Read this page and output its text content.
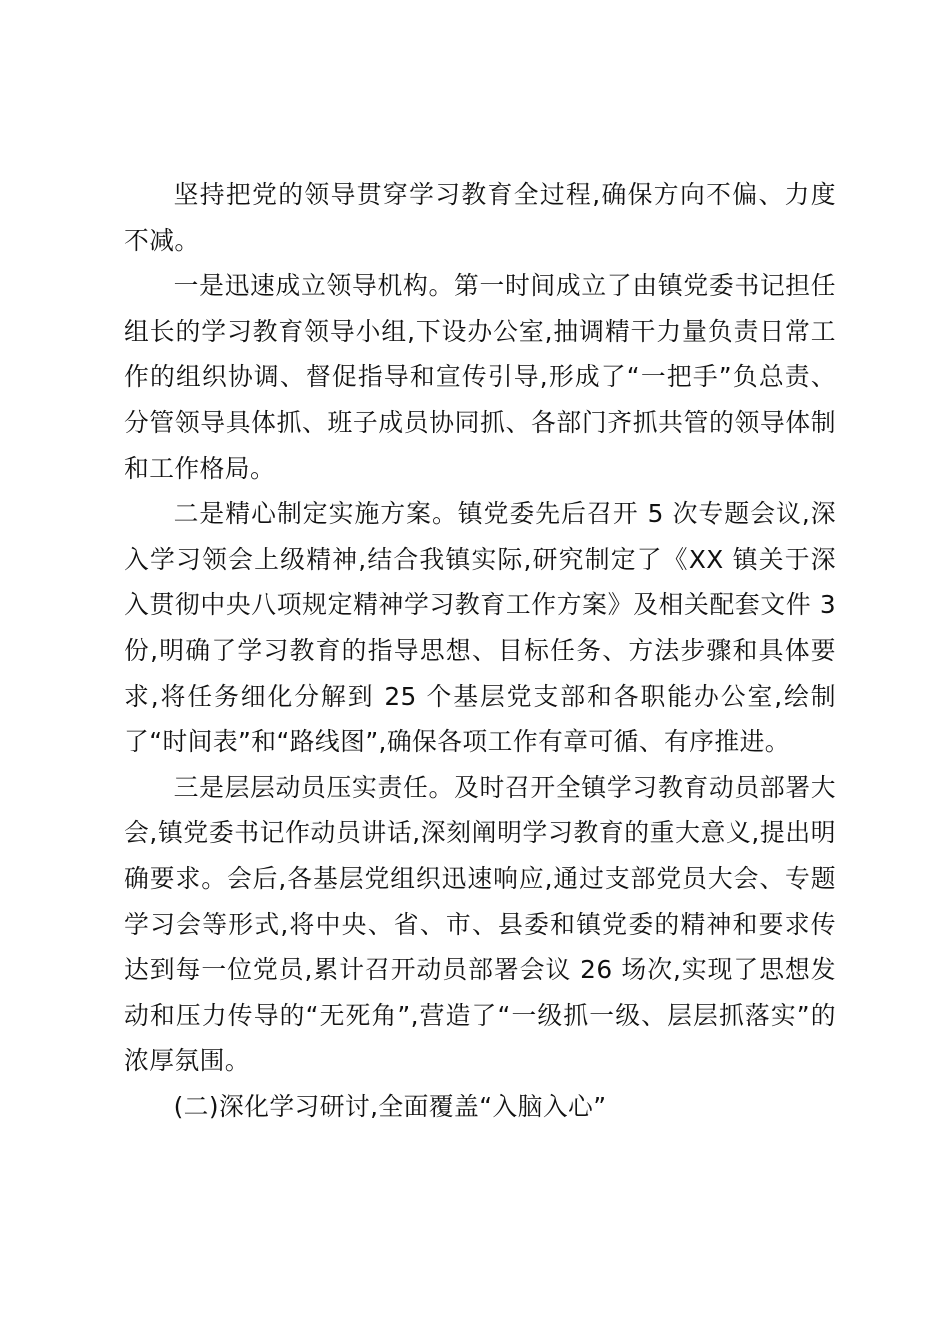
坚持把党的领导贯穿学习教育全过程,确保方向不偏、力度不减。

一是迅速成立领导机构。第一时间成立了由镇党委书记担任组长的学习教育领导小组,下设办公室,抽调精干力量负责日常工作的组织协调、督促指导和宣传引导,形成了“一把手”负总责、分管领导具体抓、班子成员协同抓、各部门齐抓共管的领导体制和工作格局。

二是精心制定实施方案。镇党委先后召开 5 次专题会议,深入学习领会上级精神,结合我镇实际,研究制定了《XX 镇关于深入贯彻中央八项规定精神学习教育工作方案》及相关配套文件 3 份,明确了学习教育的指导思想、目标任务、方法步骤和具体要求,将任务细化分解到 25 个基层党支部和各职能办公室,绘制了“时间表”和“路线图”,确保各项工作有章可循、有序推进。

三是层层动员压实责任。及时召开全镇学习教育动员部署大会,镇党委书记作动员讲话,深刻阐明学习教育的重大意义,提出明确要求。会后,各基层党组织迅速响应,通过支部党员大会、专题学习会等形式,将中央、省、市、县委和镇党委的精神和要求传达到每一位党员,累计召开动员部署会议 26 场次,实现了思想发动和压力传导的“无死角”,营造了“一级抓一级、层层抓落实”的浓厚氛围。

(二)深化学习研讨,全面覆盖“入脑入心”
